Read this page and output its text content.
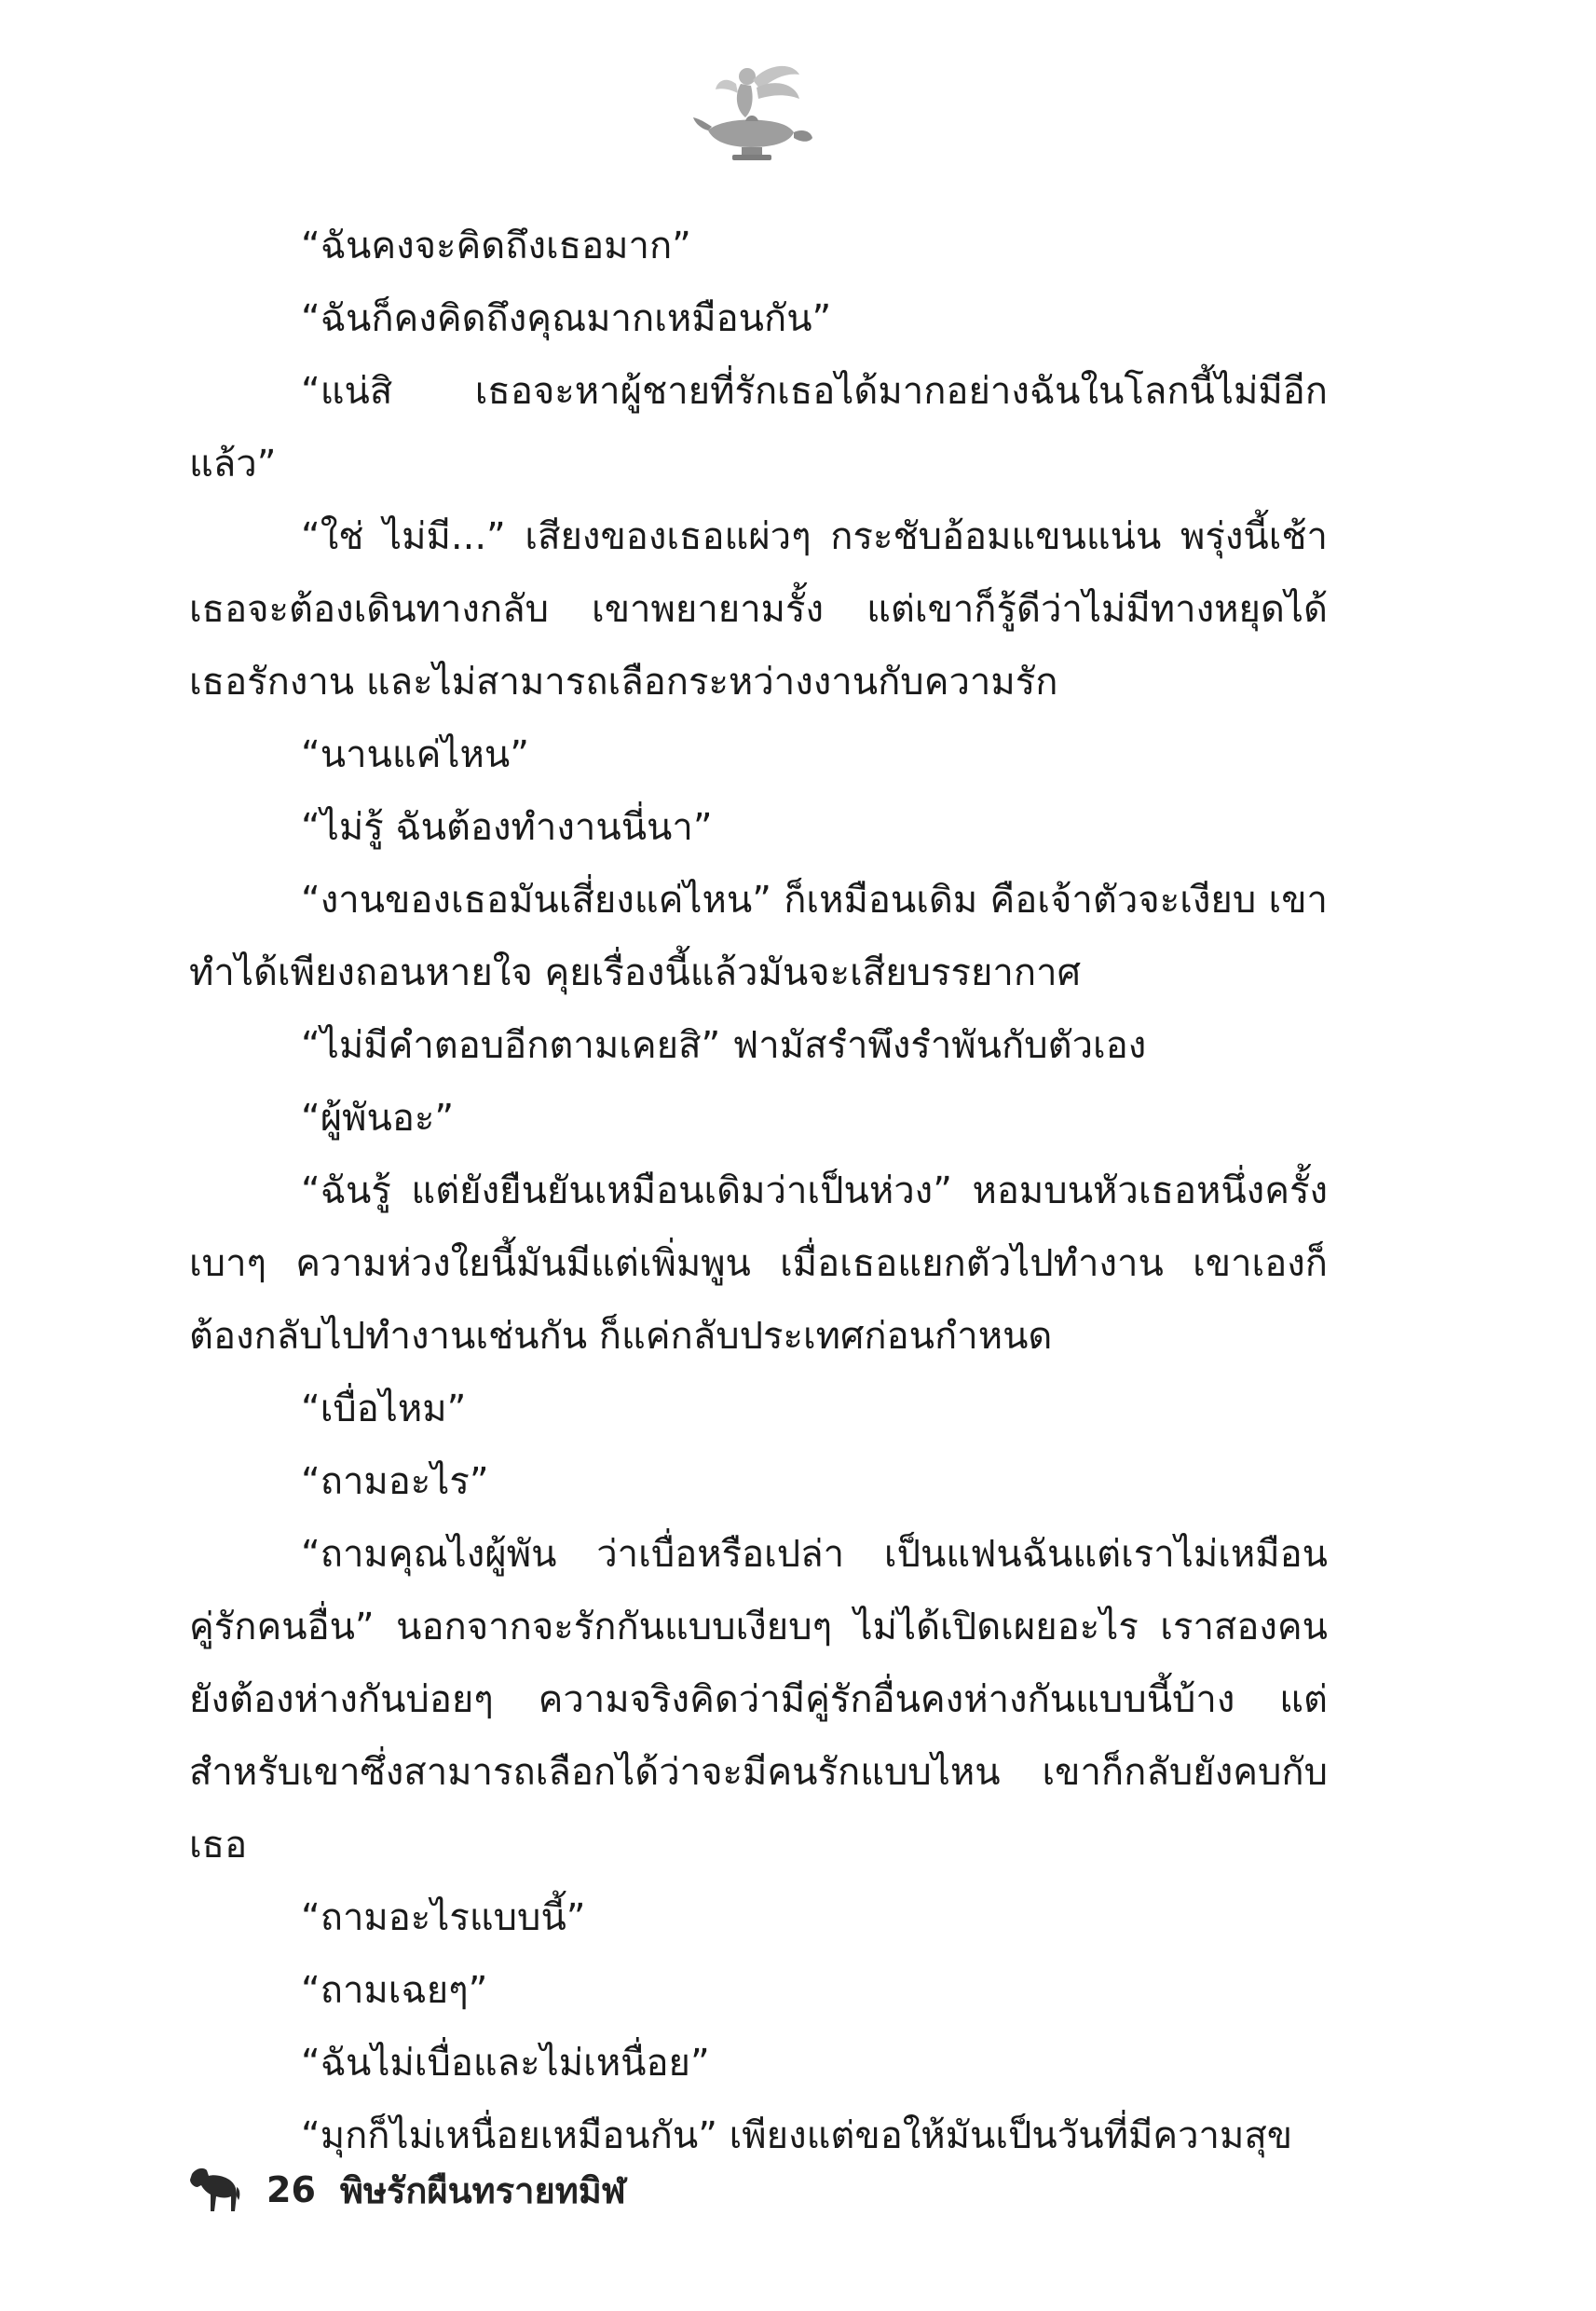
“ฉันคงจะคิดถึงเธอมาก”

“ฉันก็คงคิดถึงคุณมากเหมือนกัน”

“แน่สิ เธอจะหาผู้ชายที่รักเธอได้มากอย่างฉันในโลกนี้ไม่มีอีกแล้ว”

“ใช่ ไม่มี...” เสียงของเธอแผ่วๆ กระชับอ้อมแขนแน่น พรุ่งนี้เช้าเธอจะต้องเดินทางกลับ เขาพยายามรั้ง แต่เขาก็รู้ดีว่าไม่มีทางหยุดได้ เธอรักงาน และไม่สามารถเลือกระหว่างงานกับความรัก

“นานแค่ไหน”

“ไม่รู้ ฉันต้องทำงานนี่นา”

“งานของเธอมันเสี่ยงแค่ไหน” ก็เหมือนเดิม คือเจ้าตัวจะเงียบ เขาทำได้เพียงถอนหายใจ คุยเรื่องนี้แล้วมันจะเสียบรรยากาศ

“ไม่มีคำตอบอีกตามเคยสิ” ฟามัสรำพึงรำพันกับตัวเอง

“ผู้พันอะ”

“ฉันรู้ แต่ยังยืนยันเหมือนเดิมว่าเป็นห่วง” หอมบนหัวเธอหนึ่งครั้งเบาๆ ความห่วงใยนี้มันมีแต่เพิ่มพูน เมื่อเธอแยกตัวไปทำงาน เขาเองก็ต้องกลับไปทำงานเช่นกัน ก็แค่กลับประเทศก่อนกำหนด

“เบื่อไหม”

“ถามอะไร”

“ถามคุณไงผู้พัน ว่าเบื่อหรือเปล่า เป็นแฟนฉันแต่เราไม่เหมือนคู่รักคนอื่น” นอกจากจะรักกันแบบเงียบๆ ไม่ได้เปิดเผยอะไร เราสองคนยังต้องห่างกันบ่อยๆ ความจริงคิดว่ามีคู่รักอื่นคงห่างกันแบบนี้บ้าง แต่สำหรับเขาซึ่งสามารถเลือกได้ว่าจะมีคนรักแบบไหน เขาก็กลับยังคบกับเธอ

“ถามอะไรแบบนี้”

“ถามเฉยๆ”

“ฉันไม่เบื่อและไม่เหนื่อย”

“มุกก็ไม่เหนื่อยเหมือนกัน” เพียงแต่ขอให้มันเป็นวันที่มีความสุข

26 พิษรักผืนทรายทมิฬ
